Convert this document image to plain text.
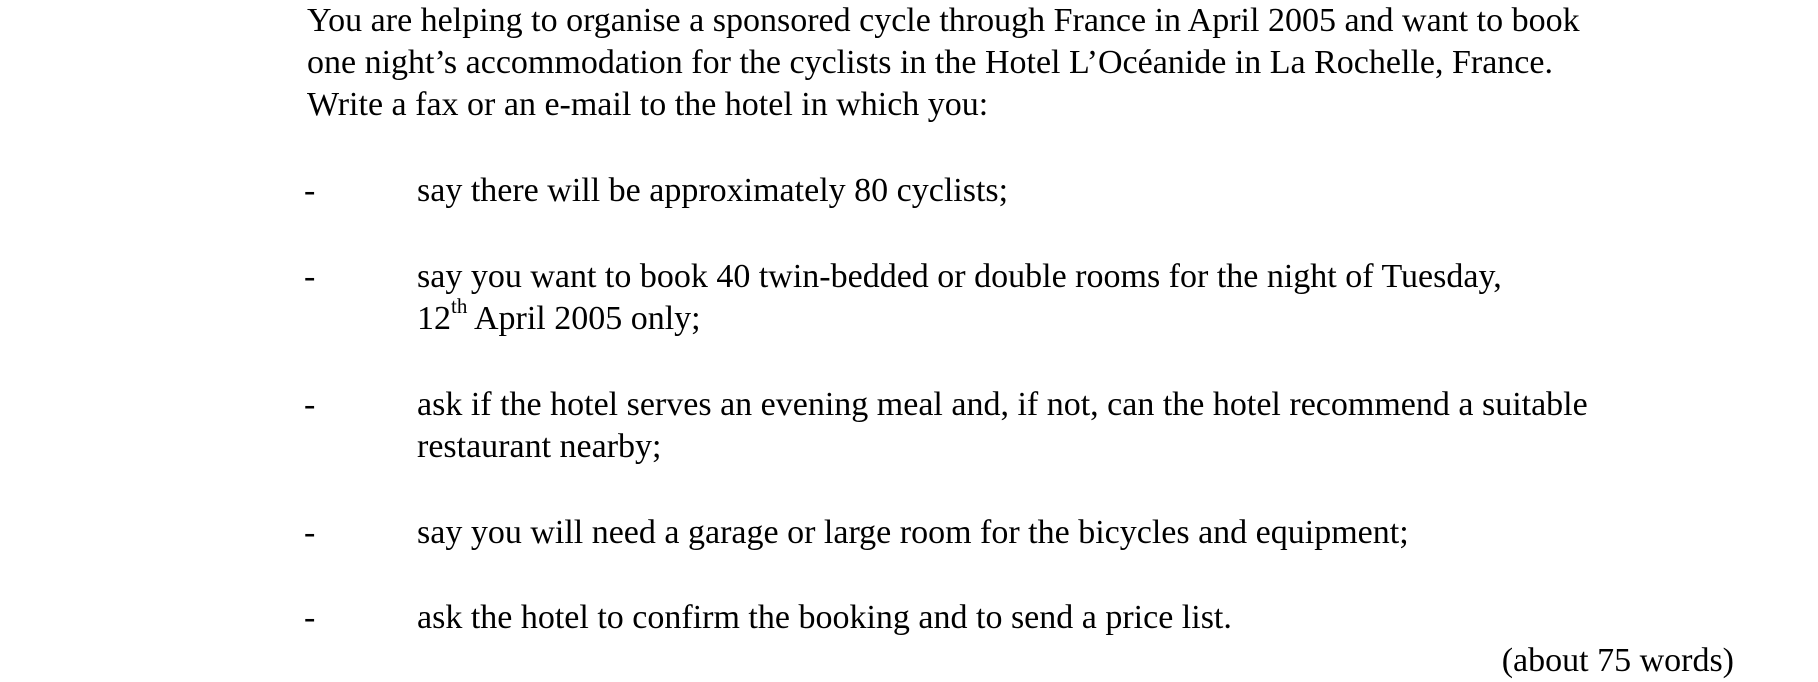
You are helping to organise a sponsored cycle through France in April 2005 and want to book
one night’s accommodation for the cyclists in the Hotel L’Océanide in La Rochelle, France.
Write a fax or an e-mail to the hotel in which you:
-	say there will be approximately 80 cyclists;
-	say you want to book 40 twin-bedded or double rooms for the night of Tuesday,
12th April 2005 only;
-	ask if the hotel serves an evening meal and, if not, can the hotel recommend a suitable
restaurant nearby;
-	say you will need a garage or large room for the bicycles and equipment;
-	ask the hotel to confirm the booking and to send a price list.
(about 75 words)
